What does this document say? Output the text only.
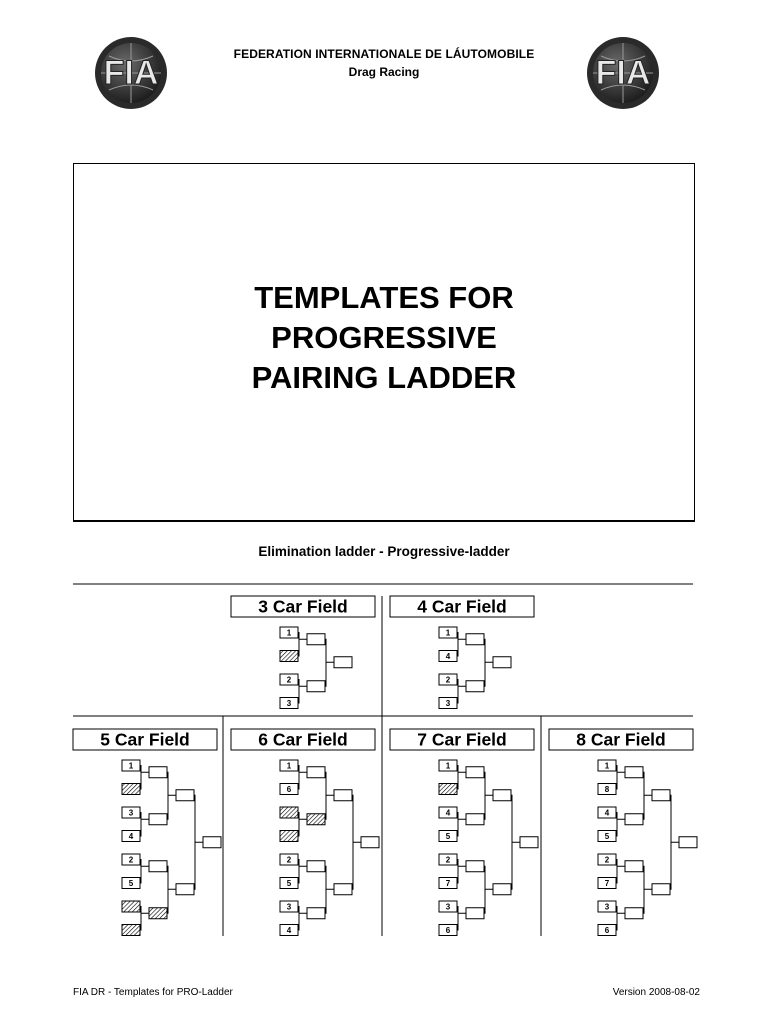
FIA	FIA
FEDERATION INTERNATIONALE DE LÁUTOMOBILE
Drag Racing
TEMPLATES FOR
PROGRESSIVE
PAIRING LADDER
Elimination ladder - Progressive-ladder
3 Car Field
1
2
3
4 Car Field
1
4
2
3
5 Car Field
1
3
4
2
5
6 Car Field
1
6
2
5
3
4
7 Car Field
1
4
5
2
7
3
6
8 Car Field
1
8
4
5
2
7
3
6
FIA DR - Templates for PRO-Ladder	Version 2008-08-02
